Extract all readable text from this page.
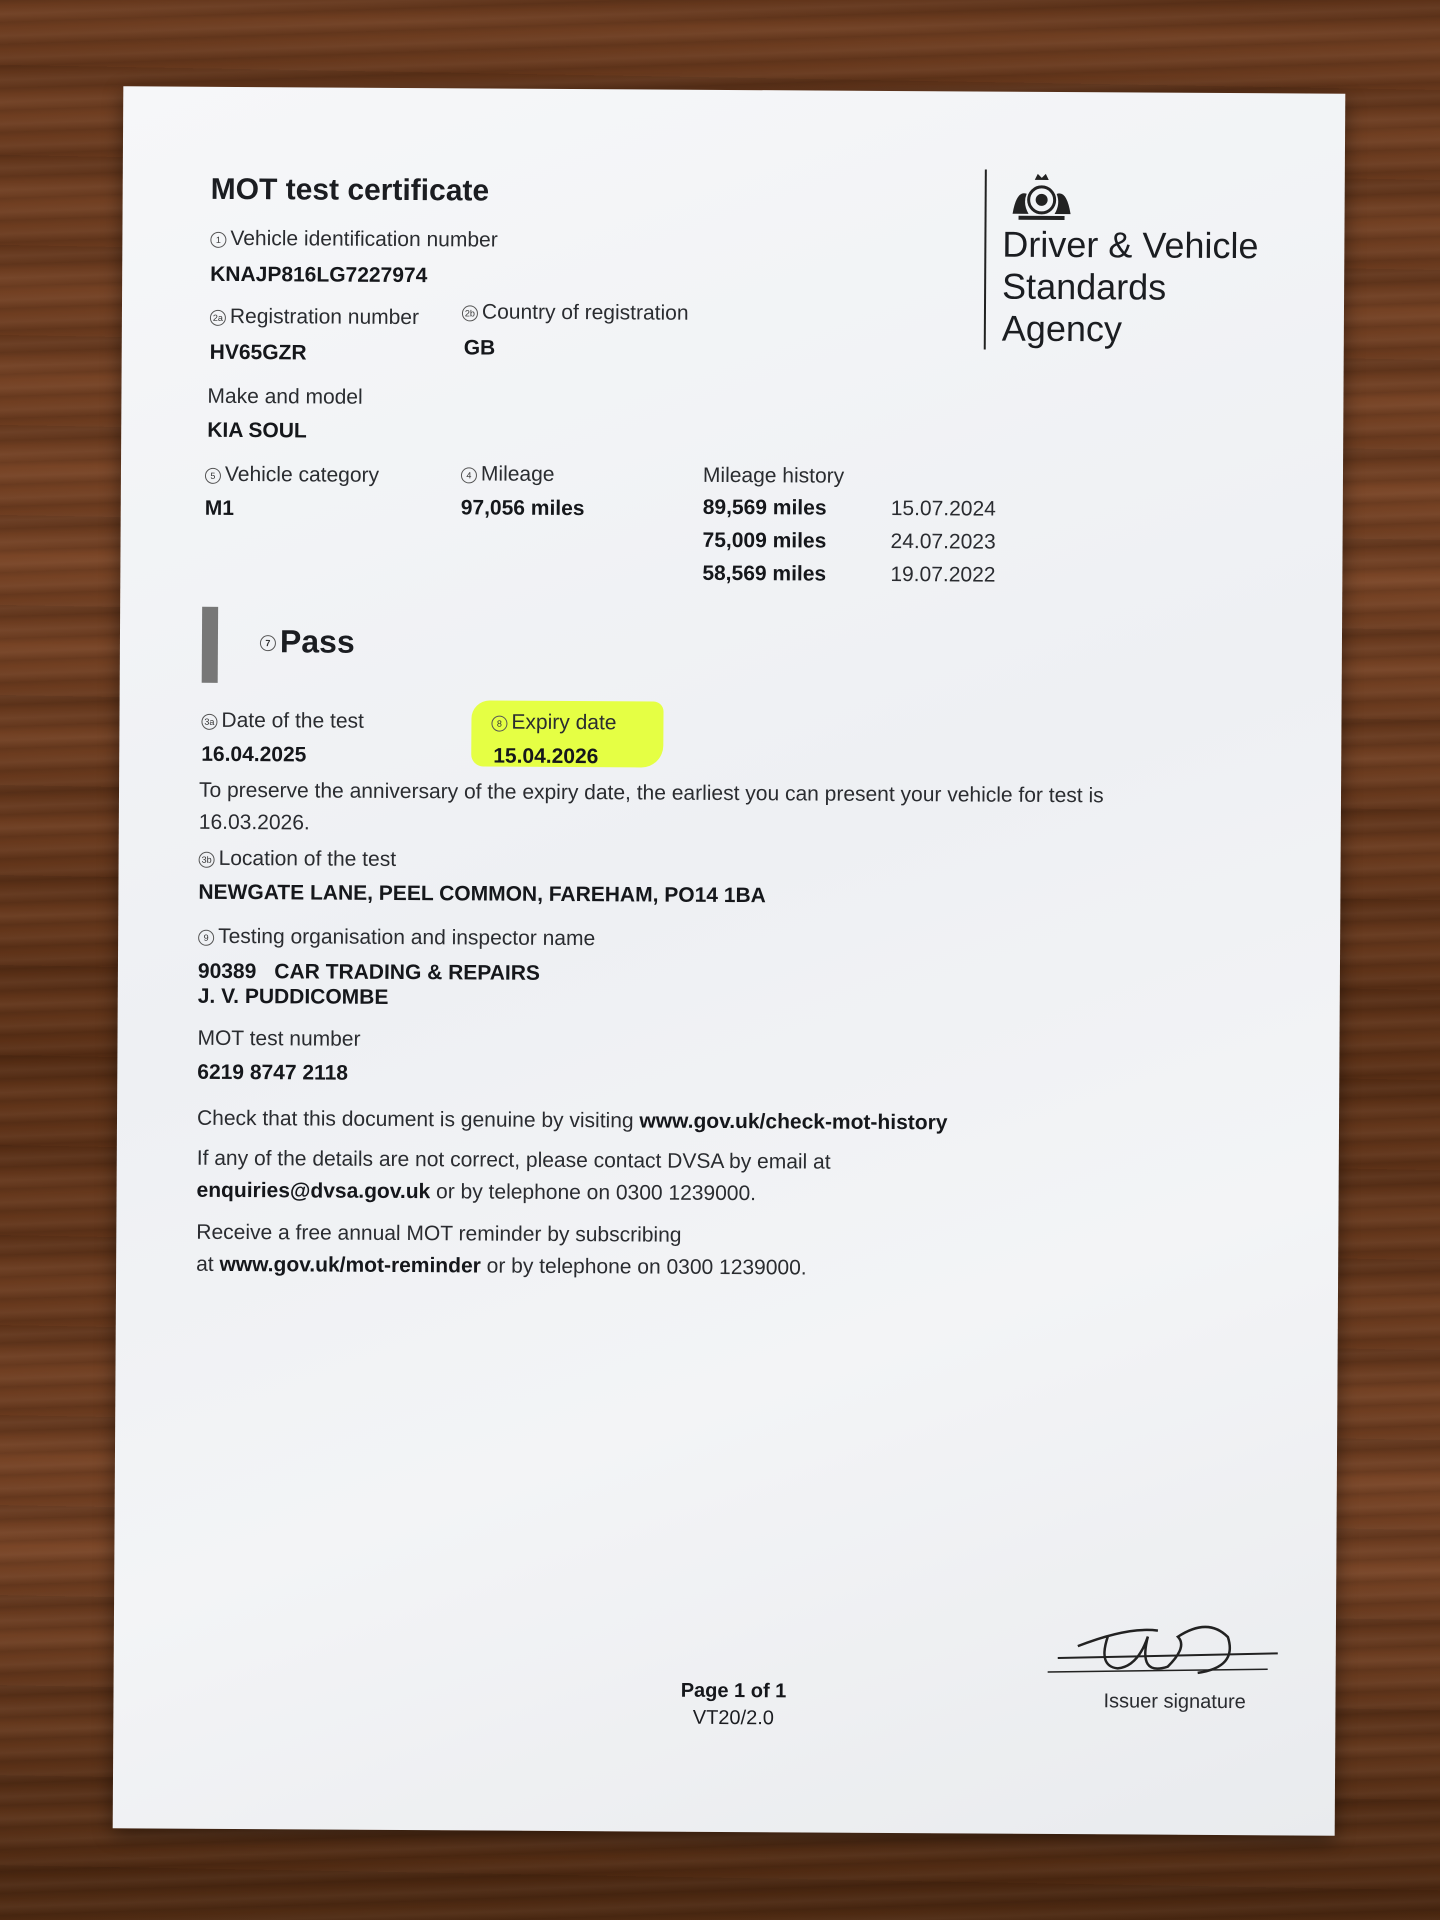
MOT test certificate
Driver & Vehicle
Standards
Agency
1 Vehicle identification number
KNAJP816LG7227974
2a Registration number
HV65GZR
2b Country of registration
GB
Make and model
KIA SOUL
5 Vehicle category
M1
4 Mileage
97,056 miles
Mileage history
89,569 miles	15.07.2024
75,009 miles	24.07.2023
58,569 miles	19.07.2022
7 Pass
3a Date of the test
16.04.2025
8 Expiry date
15.04.2026
To preserve the anniversary of the expiry date, the earliest you can present your vehicle for test is
16.03.2026.
3b Location of the test
NEWGATE LANE, PEEL COMMON, FAREHAM, PO14 1BA
9 Testing organisation and inspector name
90389 CAR TRADING & REPAIRS
J. V. PUDDICOMBE
MOT test number
6219 8747 2118
Check that this document is genuine by visiting www.gov.uk/check-mot-history
If any of the details are not correct, please contact DVSA by email at
enquiries@dvsa.gov.uk or by telephone on 0300 1239000.
Receive a free annual MOT reminder by subscribing
at www.gov.uk/mot-reminder or by telephone on 0300 1239000.
Page 1 of 1
VT20/2.0
Issuer signature
